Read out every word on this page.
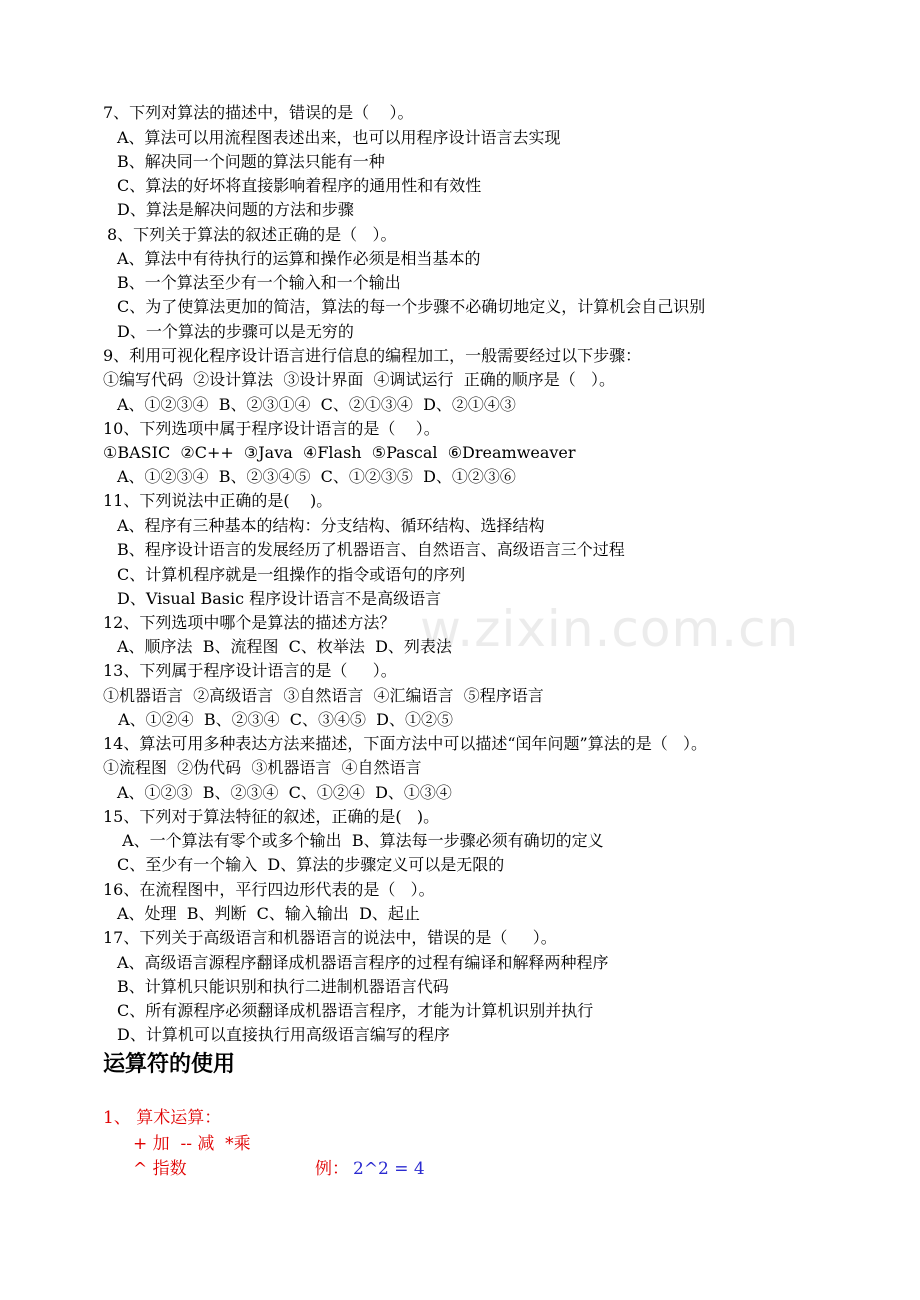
w.zixin.com.cn
7、下列对算法的描述中，错误的是（    ）。
A、算法可以用流程图表述出来，也可以用程序设计语言去实现
B、解决同一个问题的算法只能有一种
C、算法的好坏将直接影响着程序的通用性和有效性
D、算法是解决问题的方法和步骤
8、下列关于算法的叙述正确的是（   ）。
A、算法中有待执行的运算和操作必须是相当基本的
B、一个算法至少有一个输入和一个输出
C、为了使算法更加的简洁，算法的每一个步骤不必确切地定义，计算机会自己识别
D、一个算法的步骤可以是无穷的
9、利用可视化程序设计语言进行信息的编程加工，一般需要经过以下步骤：
①编写代码  ②设计算法  ③设计界面  ④调试运行  正确的顺序是（   ）。
A、①②③④  B、②③①④  C、②①③④  D、②①④③
10、下列选项中属于程序设计语言的是（    ）。
①BASIC  ②C++  ③Java  ④Flash  ⑤Pascal  ⑥Dreamweaver
A、①②③④  B、②③④⑤  C、①②③⑤  D、①②③⑥
11、下列说法中正确的是(    )。
A、程序有三种基本的结构：分支结构、循环结构、选择结构
B、程序设计语言的发展经历了机器语言、自然语言、高级语言三个过程
C、计算机程序就是一组操作的指令或语句的序列
D、Visual Basic 程序设计语言不是高级语言
12、下列选项中哪个是算法的描述方法？
A、顺序法  B、流程图  C、枚举法  D、列表法
13、下列属于程序设计语言的是（     ）。
①机器语言  ②高级语言  ③自然语言  ④汇编语言  ⑤程序语言
A、①②④  B、②③④  C、③④⑤  D、①②⑤
14、算法可用多种表达方法来描述，下面方法中可以描述“闰年问题”算法的是（   ）。
①流程图  ②伪代码  ③机器语言  ④自然语言
A、①②③  B、②③④  C、①②④  D、①③④
15、下列对于算法特征的叙述，正确的是(   )。
A、一个算法有零个或多个输出  B、算法每一步骤必须有确切的定义
C、至少有一个输入  D、算法的步骤定义可以是无限的
16、在流程图中，平行四边形代表的是（   ）。
A、处理  B、判断  C、输入输出  D、起止
17、下列关于高级语言和机器语言的说法中，错误的是（     ）。
A、高级语言源程序翻译成机器语言程序的过程有编译和解释两种程序
B、计算机只能识别和执行二进制机器语言代码
C、所有源程序必须翻译成机器语言程序，才能为计算机识别并执行
D、计算机可以直接执行用高级语言编写的程序
运算符的使用
1、 算术运算：
+ 加  -- 减  *乘
^ 指数	例： 2^2 = 4
